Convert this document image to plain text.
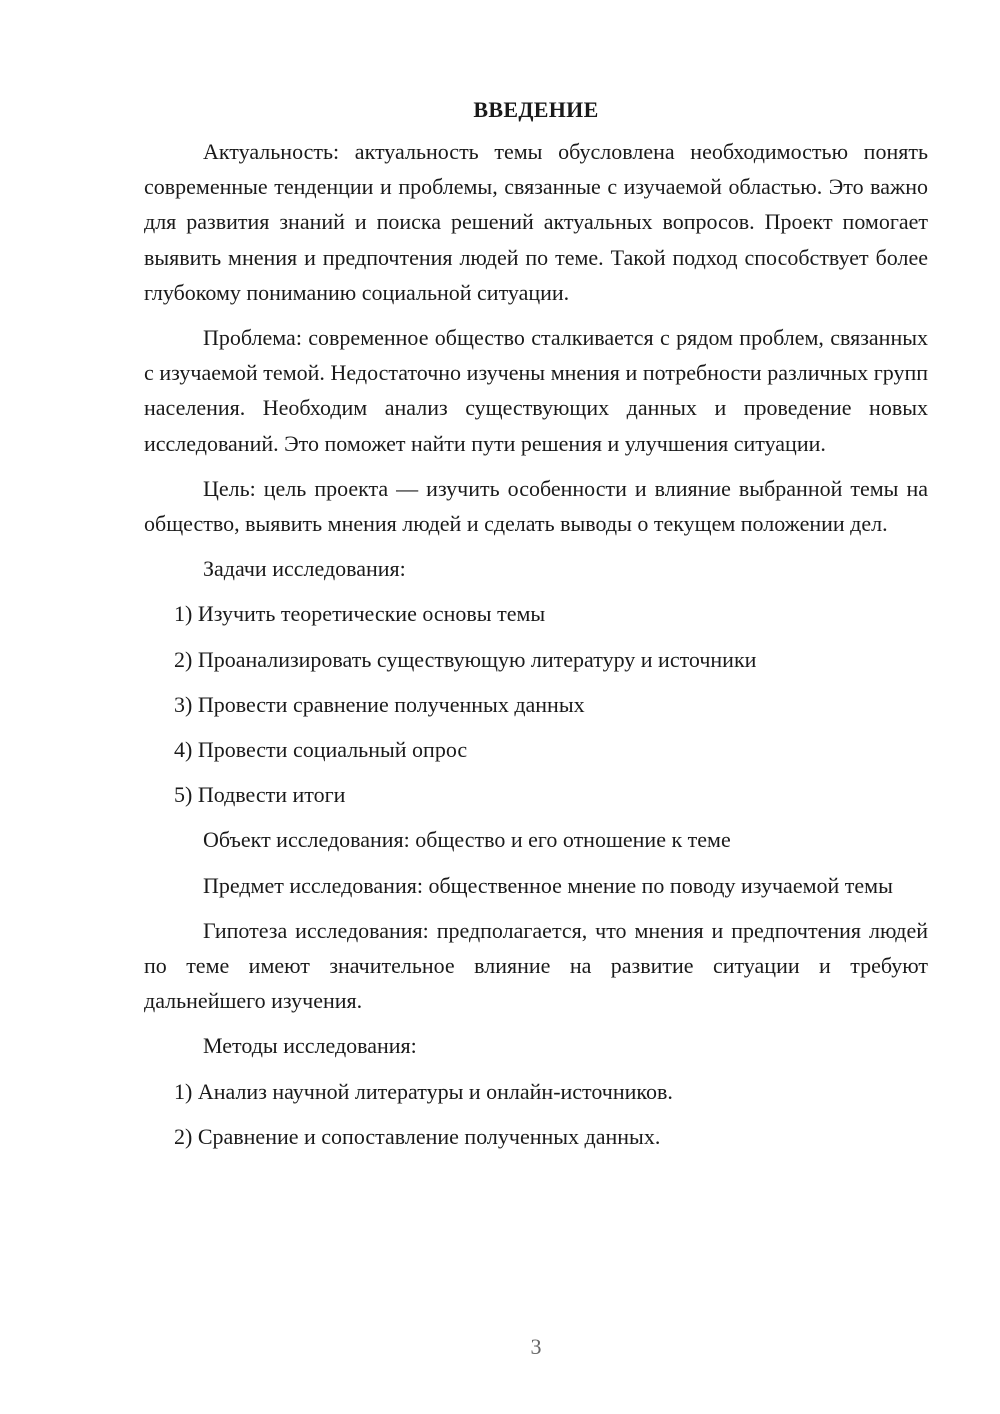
ВВЕДЕНИЕ

Актуальность: актуальность темы обусловлена необходимостью понять современные тенденции и проблемы, связанные с изучаемой областью. Это важно для развития знаний и поиска решений актуальных вопросов. Проект помогает выявить мнения и предпочтения людей по теме. Такой подход способствует более глубокому пониманию социальной ситуации.

Проблема: современное общество сталкивается с рядом проблем, связанных с изучаемой темой. Недостаточно изучены мнения и потребности различных групп населения. Необходим анализ существующих данных и проведение новых исследований. Это поможет найти пути решения и улучшения ситуации.

Цель: цель проекта — изучить особенности и влияние выбранной темы на общество, выявить мнения людей и сделать выводы о текущем положении дел.

Задачи исследования:

1) Изучить теоретические основы темы

2) Проанализировать существующую литературу и источники

3) Провести сравнение полученных данных

4) Провести социальный опрос

5) Подвести итоги

Объект исследования: общество и его отношение к теме

Предмет исследования: общественное мнение по поводу изучаемой темы

Гипотеза исследования: предполагается, что мнения и предпочтения людей по теме имеют значительное влияние на развитие ситуации и требуют дальнейшего изучения.

Методы исследования:

1) Анализ научной литературы и онлайн-источников.

2) Сравнение и сопоставление полученных данных.

3
